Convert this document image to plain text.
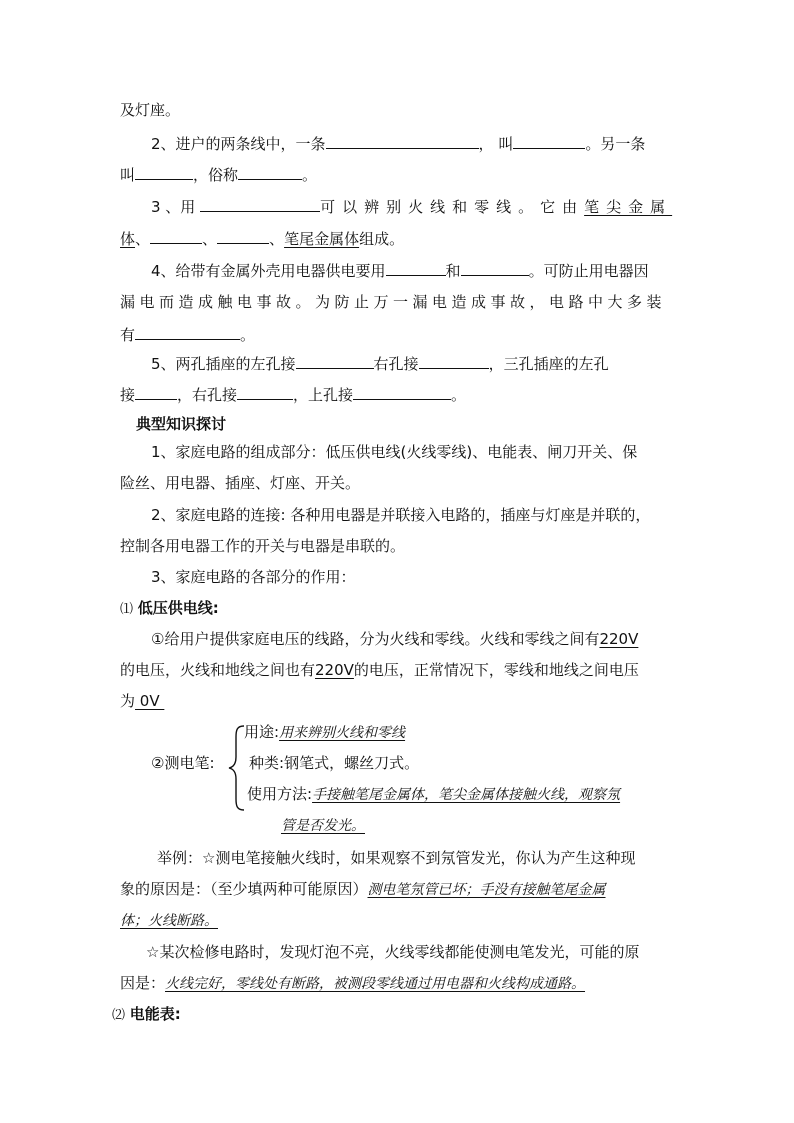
及灯座。
2、进户的两条线中，一条	， 叫	。另一条
叫	，俗称	。
3 、用	可以辨别火线和零线。它由笔尖金属
体、	、	、笔尾金属体组成。
4、给带有金属外壳用电器供电要用	和	。可防止用电器因
漏电而造成触电事故。为防止万一漏电造成事故，电路中大多装
有	。
5、两孔插座的左孔接	右孔接	，三孔插座的左孔
接	，右孔接	，上孔接	。
典型知识探讨
1、家庭电路的组成部分：低压供电线(火线零线)、电能表、闸刀开关、保
险丝、用电器、插座、灯座、开关。
2、家庭电路的连接: 各种用电器是并联接入电路的，插座与灯座是并联的，
控制各用电器工作的开关与电器是串联的。
3、家庭电路的各部分的作用：
⑴ 低压供电线:
①给用户提供家庭电压的线路，分为火线和零线。火线和零线之间有220V
的电压，火线和地线之间也有220V的电压，正常情况下，零线和地线之间电压
为 0V
②测电笔:
用途:用来辨别火线和零线
种类:钢笔式，螺丝刀式。
使用方法:手接触笔尾金属体，笔尖金属体接触火线，观察氖
管是否发光。
举例：☆测电笔接触火线时，如果观察不到氖管发光，你认为产生这种现
象的原因是：（至少填两种可能原因）测电笔氖管已坏；手没有接触笔尾金属
体；火线断路。
☆某次检修电路时，发现灯泡不亮，火线零线都能使测电笔发光，可能的原
因是：火线完好，零线处有断路，被测段零线通过用电器和火线构成通路。
⑵ 电能表:
